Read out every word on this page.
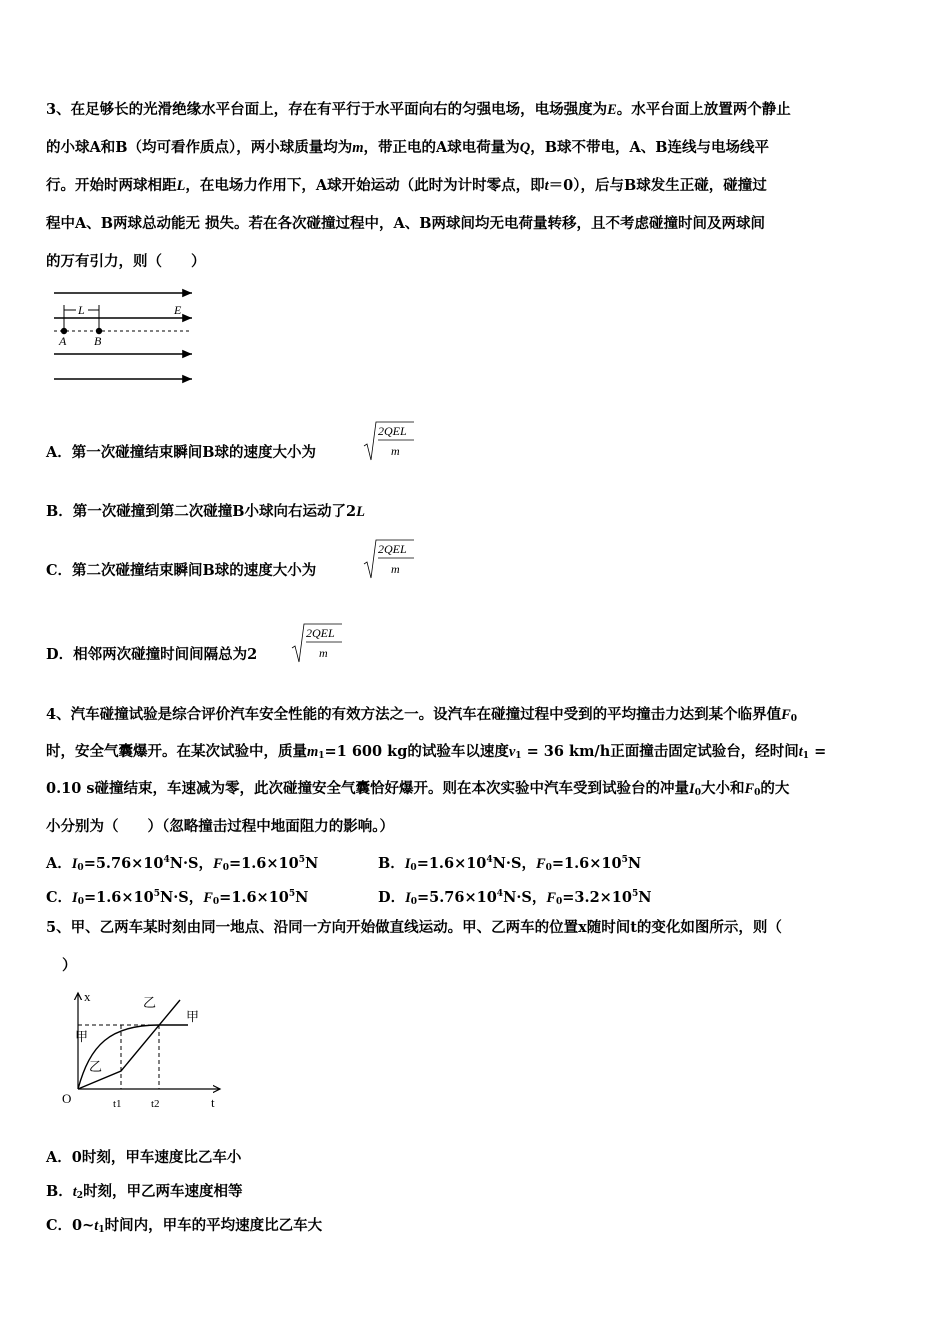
3、在足够长的光滑绝缘水平台面上，存在有平行于水平面向右的匀强电场，电场强度为E。水平台面上放置两个静止
的小球A和B（均可看作质点），两小球质量均为m，带正电的A球电荷量为Q，B球不带电，A、B连线与电场线平
行。开始时两球相距L，在电场力作用下，A球开始运动（此时为计时零点，即t＝0），后与B球发生正碰，碰撞过
程中A、B两球总动能无 损失。若在各次碰撞过程中，A、B两球间均无电荷量转移，且不考虑碰撞时间及两球间
的万有引力，则（　　）
L	E
A B
A．第一次碰撞结束瞬间B球的速度大小为
2QEL
m
B．第一次碰撞到第二次碰撞B小球向右运动了2L
C．第二次碰撞结束瞬间B球的速度大小为
2QEL
m
D．相邻两次碰撞时间间隔总为2
2QEL
m
4、汽车碰撞试验是综合评价汽车安全性能的有效方法之一。设汽车在碰撞过程中受到的平均撞击力达到某个临界值$F_0$
时，安全气囊爆开。在某次试验中，质量$m_1=1$ 600 kg的试验车以速度$v_1 = 36$ km/h正面撞击固定试验台，经时间$t_1$ =
0.10 s碰撞结束，车速减为零，此次碰撞安全气囊恰好爆开。则在本次实验中汽车受到试验台的冲量$I_0$大小和$F_0$的大
小分别为（　　）（忽略撞击过程中地面阻力的影响。）
A．$I_0=5.76\times 10^4N\cdot S$，$F_0=1.6\times 10^5N$	B．$I_0=1.6\times 10^4N\cdot S$，$F_0=1.6\times 10^5N$
C．$I_0=1.6\times 10^5N\cdot S$，$F_0=1.6\times 10^5N$	D．$I_0=5.76\times 10^4N\cdot S$，$F_0=3.2\times 10^5N$
5、甲、乙两车某时刻由同一地点、沿同一方向开始做直线运动。甲、乙两车的位置x随时间t的变化如图所示，则（
）
x
t
O	t1	t2
甲
乙
甲
乙
A．0时刻，甲车速度比乙车小
B．$t_2$时刻，甲乙两车速度相等
C．$0\sim t_1$时间内，甲车的平均速度比乙车大
